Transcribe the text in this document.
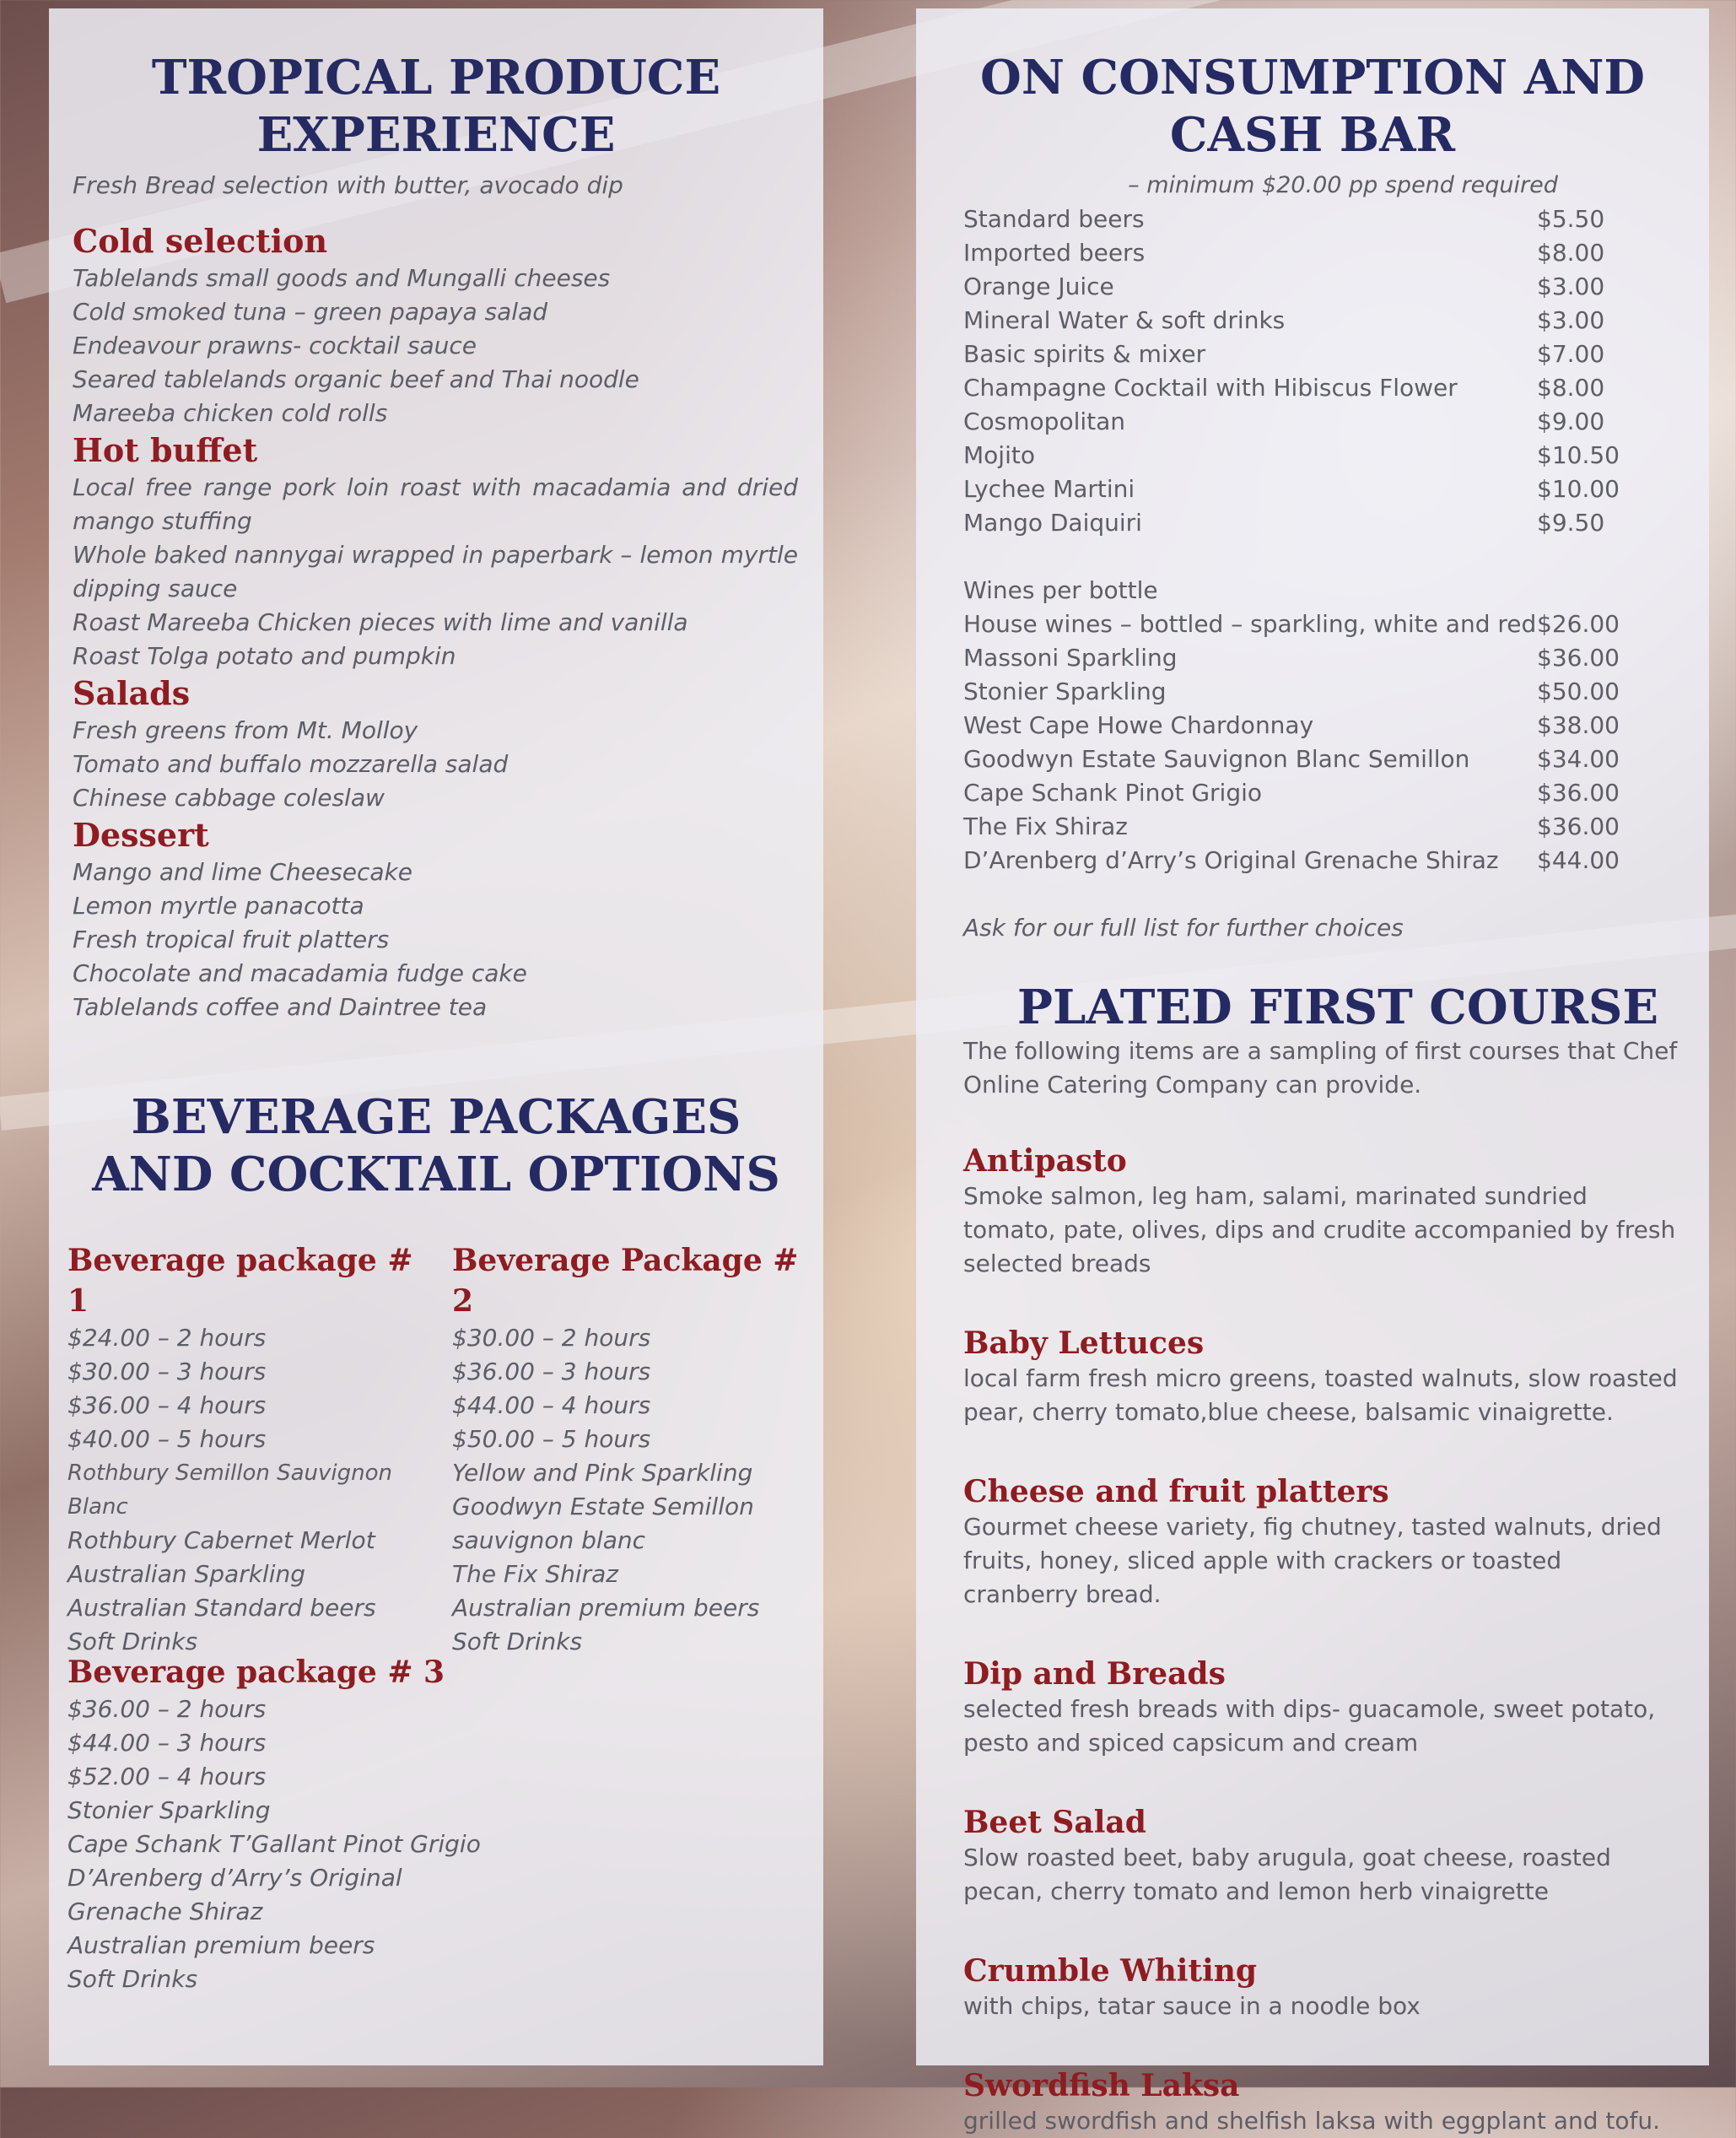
TROPICAL PRODUCE

EXPERIENCE

Fresh Bread selection with butter, avocado dip

Cold selection

Tablelands small goods and Mungalli cheeses

Cold smoked tuna – green papaya salad

Endeavour prawns- cocktail sauce

Seared tablelands organic beef and Thai noodle

Mareeba chicken cold rolls

Hot buffet

Local free range pork loin roast with macadamia and dried mango stuffing

Whole baked nannygai wrapped in paperbark – lemon myrtle dipping sauce

Roast Mareeba Chicken pieces with lime and vanilla

Roast Tolga potato and pumpkin

Salads

Fresh greens from Mt. Molloy

Tomato and buffalo mozzarella salad

Chinese cabbage coleslaw

Dessert

Mango and lime Cheesecake

Lemon myrtle panacotta

Fresh tropical fruit platters

Chocolate and macadamia fudge cake

Tablelands coffee and Daintree tea

BEVERAGE PACKAGES

AND COCKTAIL OPTIONS

Beverage package # 1

$24.00 – 2 hours

$30.00 – 3 hours

$36.00 – 4 hours

$40.00 – 5 hours

Rothbury Semillon Sauvignon Blanc

Rothbury Cabernet Merlot

Australian Sparkling

Australian Standard beers

Soft Drinks

Beverage Package # 2

$30.00 – 2 hours

$36.00 – 3 hours

$44.00 – 4 hours

$50.00 – 5 hours

Yellow and Pink Sparkling

Goodwyn Estate Semillon sauvignon blanc

The Fix Shiraz

Australian premium beers

Soft Drinks

Beverage package # 3

$36.00 – 2 hours

$44.00 – 3 hours

$52.00 – 4 hours

Stonier Sparkling

Cape Schank T’Gallant Pinot Grigio

D’Arenberg d’Arry’s Original Grenache Shiraz

Australian premium beers

Soft Drinks

ON CONSUMPTION AND

CASH BAR

– minimum $20.00 pp spend required

Standard beers	$5.50
Imported beers	$8.00
Orange Juice	$3.00
Mineral Water & soft drinks	$3.00
Basic spirits & mixer	$7.00
Champagne Cocktail with Hibiscus Flower	$8.00
Cosmopolitan	$9.00
Mojito	$10.50
Lychee Martini	$10.00
Mango Daiquiri	$9.50

Wines per bottle

House wines – bottled – sparkling, white and red $26.00
Massoni Sparkling	$36.00
Stonier Sparkling	$50.00
West Cape Howe Chardonnay	$38.00
Goodwyn Estate Sauvignon Blanc Semillon	$34.00
Cape Schank Pinot Grigio	$36.00
The Fix Shiraz	$36.00
D’Arenberg d’Arry’s Original Grenache Shiraz	$44.00

Ask for our full list for further choices

PLATED FIRST COURSE

The following items are a sampling of first courses that Chef Online Catering Company can provide.

Antipasto

Smoke salmon, leg ham, salami, marinated sundried tomato, pate, olives, dips and crudite accompanied by fresh selected breads

Baby Lettuces

local farm fresh micro greens, toasted walnuts, slow roasted pear, cherry tomato,blue cheese, balsamic vinaigrette.

Cheese and fruit platters

Gourmet cheese variety, fig chutney, tasted walnuts, dried fruits, honey, sliced apple with crackers or toasted cranberry bread.

Dip and Breads

selected fresh breads with dips- guacamole, sweet potato, pesto and spiced capsicum and cream

Beet Salad

Slow roasted beet, baby arugula, goat cheese, roasted pecan, cherry tomato and lemon herb vinaigrette

Crumble Whiting

with chips, tatar sauce in a noodle box

Swordfish Laksa

grilled swordfish and shelfish laksa with eggplant and tofu.
